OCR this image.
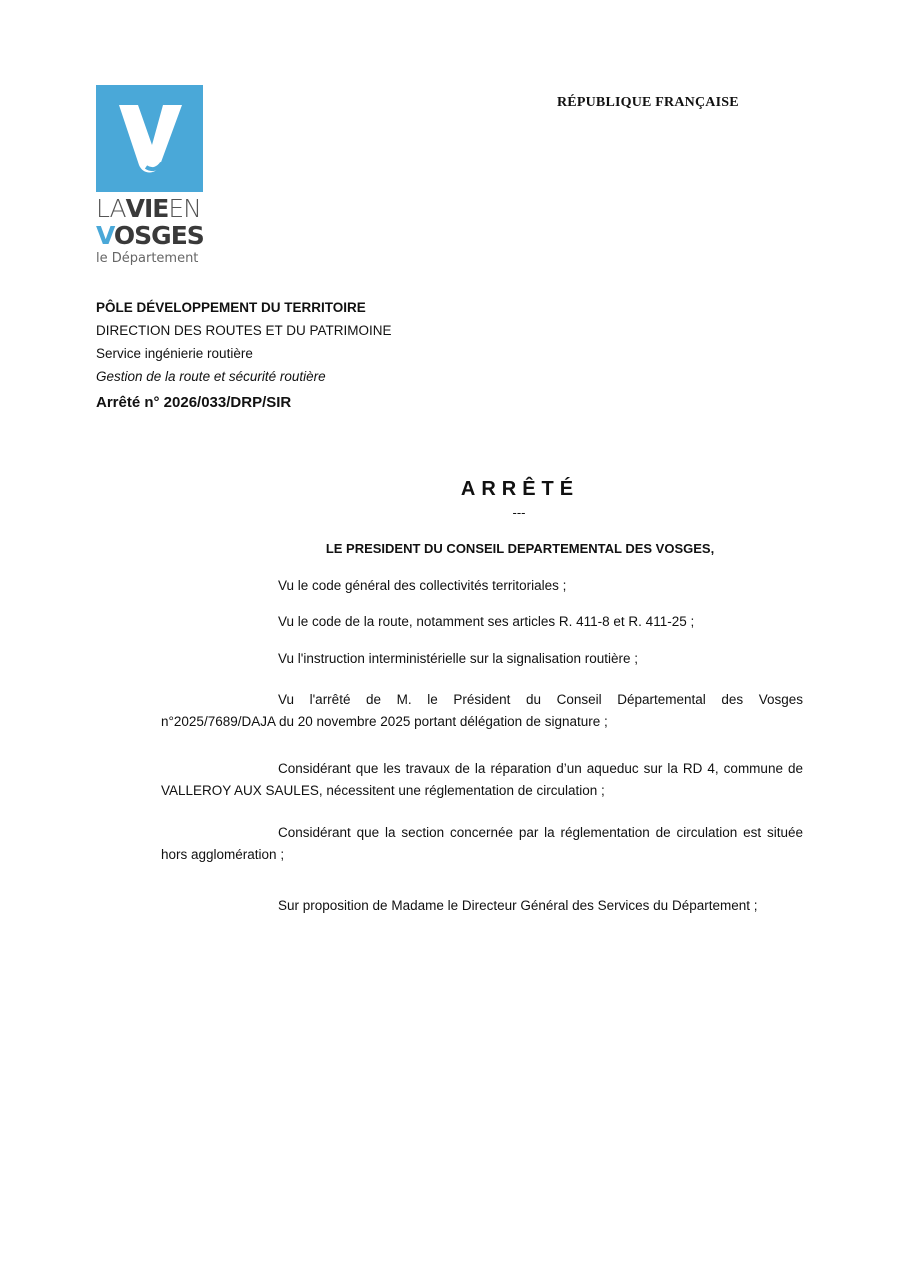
LAVIEEN
VOSGES
le Département
RÉPUBLIQUE FRANÇAISE
PÔLE DÉVELOPPEMENT DU TERRITOIRE
DIRECTION DES ROUTES ET DU PATRIMOINE
Service ingénierie routière
Gestion de la route et sécurité routière
Arrêté n° 2026/033/DRP/SIR
ARRÊTÉ
---
LE PRESIDENT DU CONSEIL DEPARTEMENTAL DES VOSGES,
Vu le code général des collectivités territoriales ;
Vu le code de la route, notamment ses articles R. 411-8 et R. 411-25 ;
Vu l'instruction interministérielle sur la signalisation routière ;
Vu l'arrêté de M. le Président du Conseil Départemental des Vosges n°2025/7689/DAJA du 20 novembre 2025 portant délégation de signature ;
Considérant que les travaux de la réparation d’un aqueduc sur la RD 4, commune de VALLEROY AUX SAULES, nécessitent une réglementation de circulation ;
Considérant que la section concernée par la réglementation de circulation est située hors agglomération ;
Sur proposition de Madame le Directeur Général des Services du Département ;
